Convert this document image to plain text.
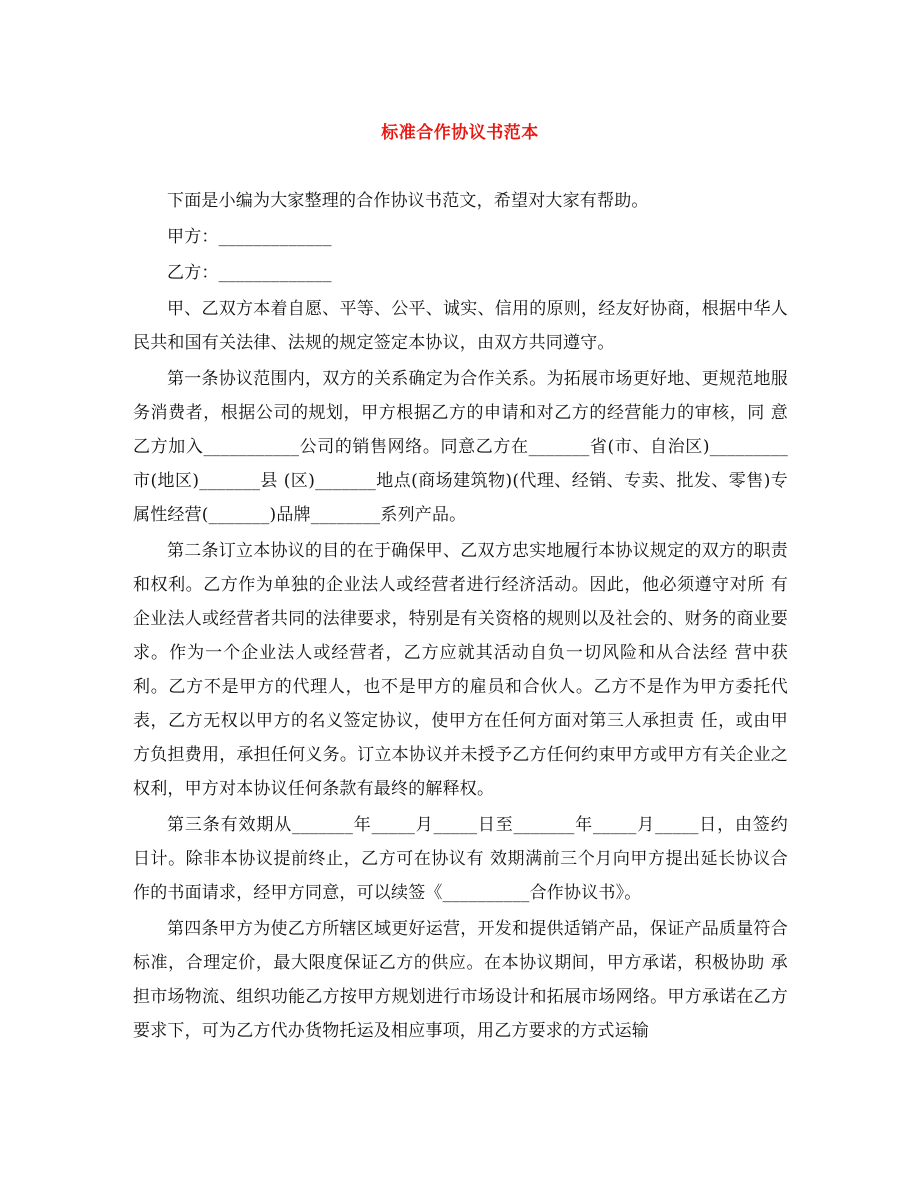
标准合作协议书范本

下面是小编为大家整理的合作协议书范文，希望对大家有帮助。

甲方：_____________

乙方：_____________

甲、乙双方本着自愿、平等、公平、诚实、信用的原则，经友好协商，根据中华人民共和国有关法律、法规的规定签定本协议，由双方共同遵守。

第一条协议范围内，双方的关系确定为合作关系。为拓展市场更好地、更规范地服务消费者，根据公司的规划，甲方根据乙方的申请和对乙方的经营能力的审核，同 意乙方加入___________公司的销售网络。同意乙方在_______省(市、自治区)_________市(地区)_______县 (区)_______地点(商场建筑物)(代理、经销、专卖、批发、零售)专属性经营(_______)品牌________系列产品。

第二条订立本协议的目的在于确保甲、乙双方忠实地履行本协议规定的双方的职责和权利。乙方作为单独的企业法人或经营者进行经济活动。因此，他必须遵守对所 有企业法人或经营者共同的法律要求，特别是有关资格的规则以及社会的、财务的商业要求。作为一个企业法人或经营者，乙方应就其活动自负一切风险和从合法经 营中获利。乙方不是甲方的代理人，也不是甲方的雇员和合伙人。乙方不是作为甲方委托代表，乙方无权以甲方的名义签定协议，使甲方在任何方面对第三人承担责 任，或由甲方负担费用，承担任何义务。订立本协议并未授予乙方任何约束甲方或甲方有关企业之权利，甲方对本协议任何条款有最终的解释权。

第三条有效期从_______年_____月_____日至_______年_____月_____日，由签约日计。除非本协议提前终止，乙方可在协议有 效期满前三个月向甲方提出延长协议合作的书面请求，经甲方同意，可以续签《__________合作协议书》。

第四条甲方为使乙方所辖区域更好运营，开发和提供适销产品，保证产品质量符合标准，合理定价，最大限度保证乙方的供应。在本协议期间，甲方承诺，积极协助 承担市场物流、组织功能乙方按甲方规划进行市场设计和拓展市场网络。甲方承诺在乙方要求下，可为乙方代办货物托运及相应事项，用乙方要求的方式运输
